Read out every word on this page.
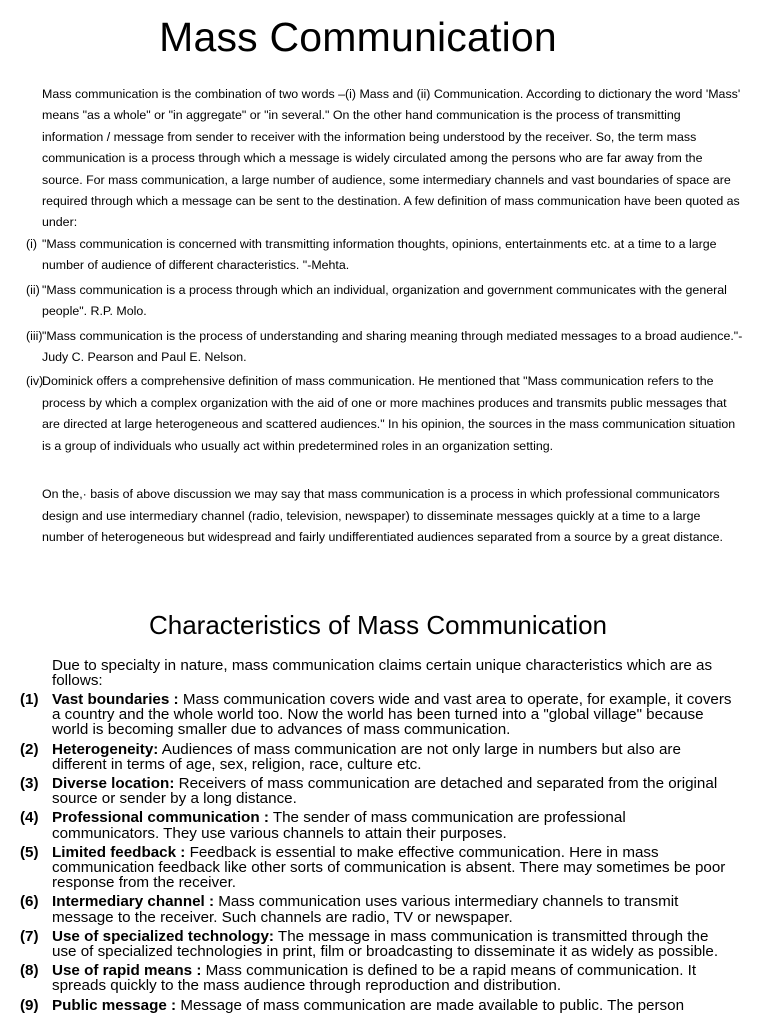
Mass Communication

Mass communication is the combination of two words –(i) Mass and (ii) Communication. According to dictionary the word 'Mass' means "as a whole" or "in aggregate" or "in several." On the other hand communication is the process of transmitting information / message from sender to receiver with the information being understood by the receiver. So, the term mass communication is a process through which a message is widely circulated among the persons who are far away from the source. For mass communication, a large number of audience, some intermediary channels and vast boundaries of space are required through which a message can be sent to the destination. A few definition of mass communication have been quoted as under:

(i) "Mass communication is concerned with transmitting information thoughts, opinions, entertainments etc. at a time to a large number of audience of different characteristics. "-Mehta.
(ii) "Mass communication is a process through which an individual, organization and government communicates with the general people". R.P. Molo.
(iii) "Mass communication is the process of understanding and sharing meaning through mediated messages to a broad audience."-Judy C. Pearson and Paul E. Nelson.
(iv)
Dominick offers a comprehensive definition of mass communication. He mentioned that "Mass communication refers to the process by which a complex organization with the aid of one or more machines produces and transmits public messages that are directed at large heterogeneous and scattered audiences." In his opinion, the sources in the mass communication situation is a group of individuals who usually act within predetermined roles in an organization setting.

On the,· basis of above discussion we may say that mass communication is a process in which professional communicators design and use intermediary channel (radio, television, newspaper) to disseminate messages quickly at a time to a large number of heterogeneous but widespread and fairly undifferentiated audiences separated from a source by a great distance.

Characteristics of Mass Communication

Due to specialty in nature, mass communication claims certain unique characteristics which are as follows:

(1) Vast boundaries : Mass communication covers wide and vast area to operate, for example, it covers a country and the whole world too. Now the world has been turned into a "global village" because world is becoming smaller due to advances of mass communication.
(2) Heterogeneity: Audiences of mass communication are not only large in numbers but also are different in terms of age, sex, religion, race, culture etc.
(3) Diverse location: Receivers of mass communication are detached and separated from the original source or sender by a long distance.
(4) Professional communication : The sender of mass communication are professional communicators. They use various channels to attain their purposes.
(5) Limited feedback : Feedback is essential to make effective communication. Here in mass communication feedback like other sorts of communication is absent. There may sometimes be poor response from the receiver.
(6) Intermediary channel : Mass communication uses various intermediary channels to transmit message to the receiver. Such channels are radio, TV or newspaper.
(7) Use of specialized technology: The message in mass communication is transmitted through the use of specialized technologies in print, film or broadcasting to disseminate it as widely as possible.
(8) Use of rapid means : Mass communication is defined to be a rapid means of communication. It spreads quickly to the mass audience through reproduction and distribution.
(9) Public message : Message of mass communication are made available to public. The person
